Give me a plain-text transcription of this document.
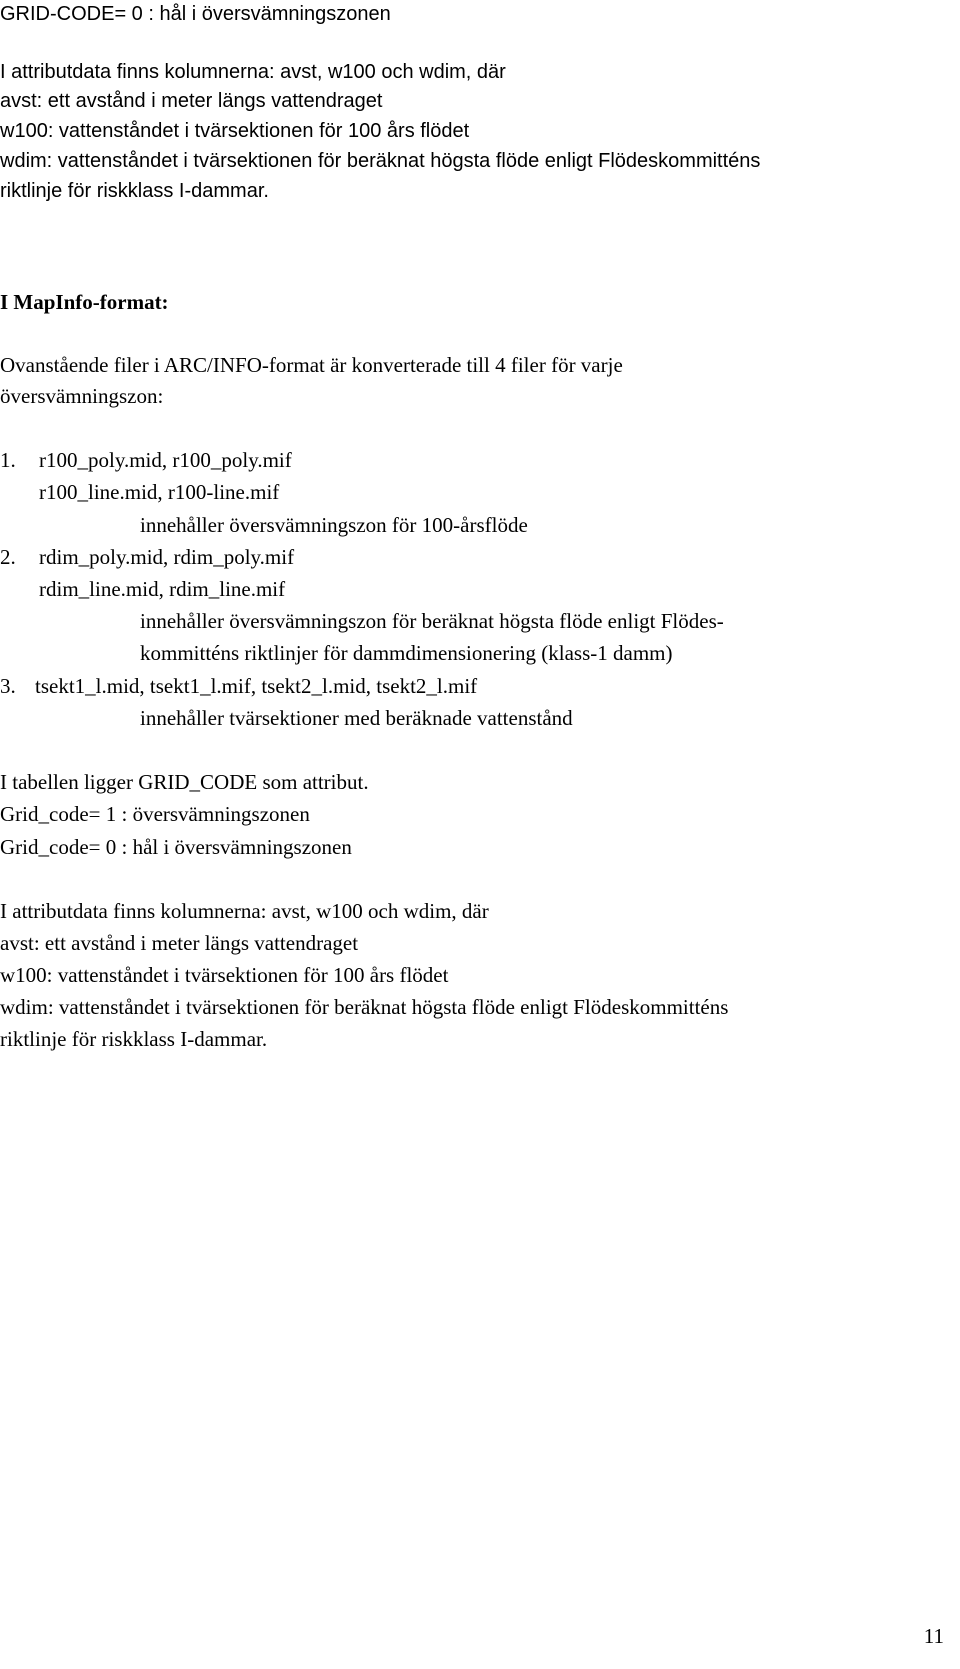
GRID-CODE= 0 : hål i översvämningszonen
I attributdata finns kolumnerna: avst, w100 och wdim, där
avst: ett avstånd i meter längs vattendraget
w100: vattenståndet i tvärsektionen för 100 års flödet
wdim: vattenståndet i tvärsektionen för beräknat högsta flöde enligt Flödeskommitténs
riktlinje för riskklass I-dammar.
I MapInfo-format:
Ovanstående filer i ARC/INFO-format är konverterade till 4 filer för varje
översvämningszon:
1. r100_poly.mid, r100_poly.mif
r100_line.mid, r100-line.mif
innehåller översvämningszon för 100-årsflöde
2. rdim_poly.mid, rdim_poly.mif
rdim_line.mid, rdim_line.mif
innehåller översvämningszon för beräknat högsta flöde enligt Flödes-
kommitténs riktlinjer för dammdimensionering (klass-1 damm)
3. tsekt1_l.mid, tsekt1_l.mif, tsekt2_l.mid, tsekt2_l.mif
innehåller tvärsektioner med beräknade vattenstånd
I tabellen ligger GRID_CODE som attribut.
Grid_code= 1 : översvämningszonen
Grid_code= 0 : hål i översvämningszonen
I attributdata finns kolumnerna: avst, w100 och wdim, där
avst: ett avstånd i meter längs vattendraget
w100: vattenståndet i tvärsektionen för 100 års flödet
wdim: vattenståndet i tvärsektionen för beräknat högsta flöde enligt Flödeskommitténs
riktlinje för riskklass I-dammar.
11
